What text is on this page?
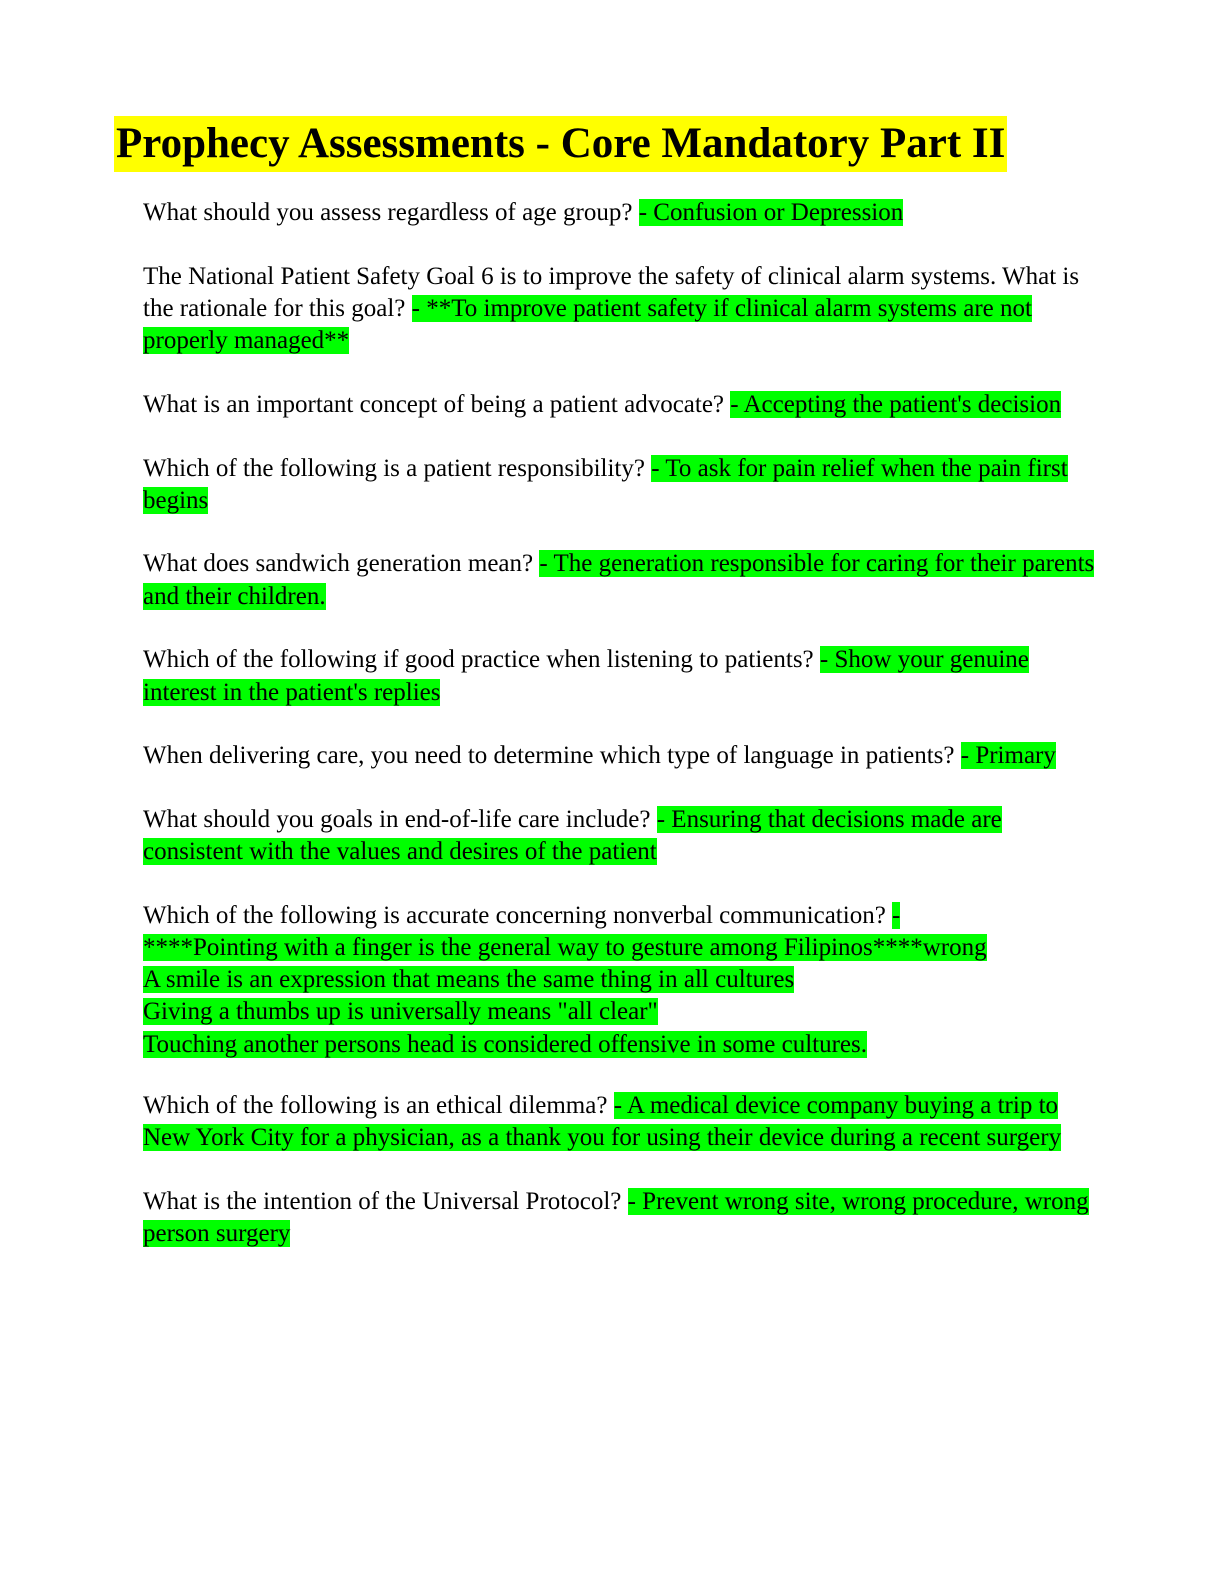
Prophecy Assessments - Core Mandatory Part II
What should you assess regardless of age group? - Confusion or Depression
The National Patient Safety Goal 6 is to improve the safety of clinical alarm systems. What is the rationale for this goal? - **To improve patient safety if clinical alarm systems are not properly managed**
What is an important concept of being a patient advocate? - Accepting the patient's decision
Which of the following is a patient responsibility? - To ask for pain relief when the pain first begins
What does sandwich generation mean? - The generation responsible for caring for their parents and their children.
Which of the following if good practice when listening to patients? - Show your genuine interest in the patient's replies
When delivering care, you need to determine which type of language in patients? - Primary
What should you goals in end-of-life care include? - Ensuring that decisions made are consistent with the values and desires of the patient
Which of the following is accurate concerning nonverbal communication? -
****Pointing with a finger is the general way to gesture among Filipinos****wrong
A smile is an expression that means the same thing in all cultures
Giving a thumbs up is universally means "all clear"
Touching another persons head is considered offensive in some cultures.
Which of the following is an ethical dilemma? - A medical device company buying a trip to New York City for a physician, as a thank you for using their device during a recent surgery
What is the intention of the Universal Protocol? - Prevent wrong site, wrong procedure, wrong person surgery
